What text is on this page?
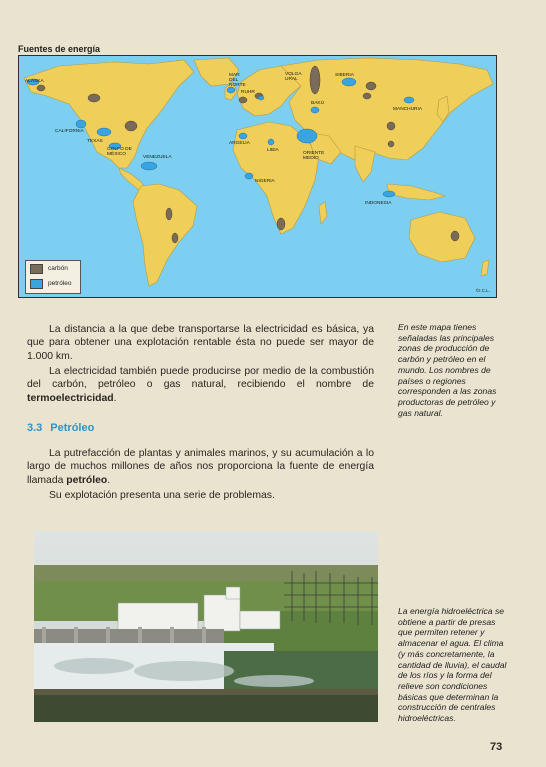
Fuentes de energía
ALASKA
CALIFORNIA
TEXAS
GOLFO DE MÉXICO
VENEZUELA
MAR DEL NORTE
RUHR
VOLGA URAL
SIBERIA
BAKÚ
ARGELIA
LIBIA
ORIENTE MEDIO
NIGERIA
MANCHURIA
INDONESIA
carbón
petróleo
©I.C.L.

La distancia a la que debe transportarse la electricidad es básica, ya que para obtener una explotación rentable ésta no puede ser mayor de 1.000 km.

La electricidad también puede producirse por medio de la combustión del carbón, petróleo o gas natural, recibiendo el nombre de termoelectricidad.

3.3 Petróleo

La putrefacción de plantas y animales marinos, y su acumulación a lo largo de muchos millones de años nos proporciona la fuente de energía llamada petróleo.

Su explotación presenta una serie de problemas.

En este mapa tienes señaladas las principales zonas de producción de carbón y petróleo en el mundo. Los nombres de países o regiones corresponden a las zonas productoras de petróleo y gas natural.
La energía hidroeléctrica se obtiene a partir de presas que permiten retener y almacenar el agua. El clima (y más concretamente, la cantidad de lluvia), el caudal de los ríos y la forma del relieve son condiciones básicas que determinan la construcción de centrales hidroeléctricas.
73
